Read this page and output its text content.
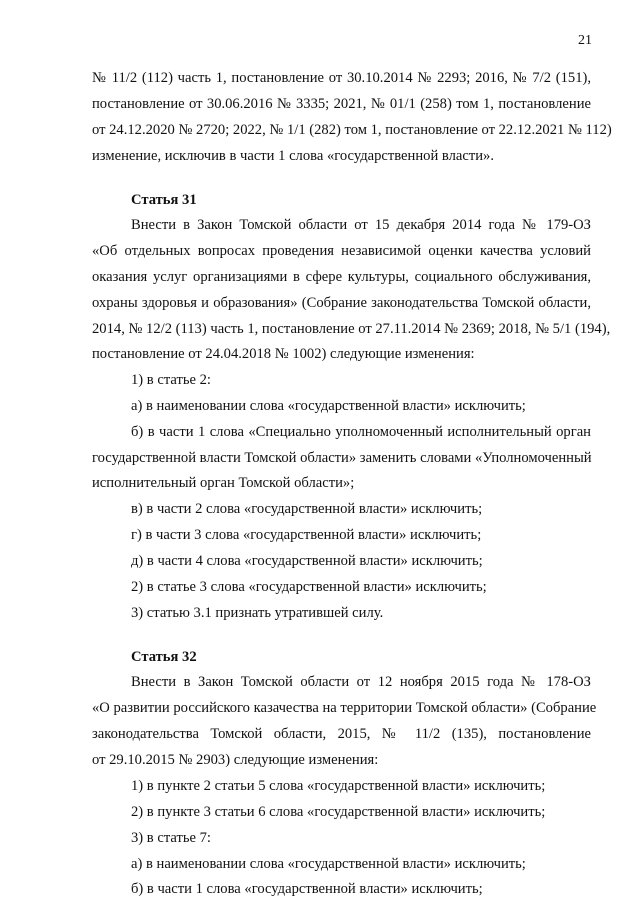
21
№ 11/2 (112) часть 1, постановление от 30.10.2014 № 2293; 2016, № 7/2 (151),
постановление от 30.06.2016 № 3335; 2021, № 01/1 (258) том 1, постановление
от 24.12.2020 № 2720; 2022, № 1/1 (282) том 1, постановление от 22.12.2021 № 112)
изменение, исключив в части 1 слова «государственной власти».
Статья 31
Внести в Закон Томской области от 15 декабря 2014 года № 179-ОЗ
«Об отдельных вопросах проведения независимой оценки качества условий
оказания услуг организациями в сфере культуры, социального обслуживания,
охраны здоровья и образования» (Собрание законодательства Томской области,
2014, № 12/2 (113) часть 1, постановление от 27.11.2014 № 2369; 2018, № 5/1 (194),
постановление от 24.04.2018 № 1002) следующие изменения:
1) в статье 2:
а) в наименовании слова «государственной власти» исключить;
б) в части 1 слова «Специально уполномоченный исполнительный орган
государственной власти Томской области» заменить словами «Уполномоченный
исполнительный орган Томской области»;
в) в части 2 слова «государственной власти» исключить;
г) в части 3 слова «государственной власти» исключить;
д) в части 4 слова «государственной власти» исключить;
2) в статье 3 слова «государственной власти» исключить;
3) статью 3.1 признать утратившей силу.
Статья 32
Внести в Закон Томской области от 12 ноября 2015 года № 178-ОЗ
«О развитии российского казачества на территории Томской области» (Собрание
законодательства Томской области, 2015, № 11/2 (135), постановление
от 29.10.2015 № 2903) следующие изменения:
1) в пункте 2 статьи 5 слова «государственной власти» исключить;
2) в пункте 3 статьи 6 слова «государственной власти» исключить;
3) в статье 7:
а) в наименовании слова «государственной власти» исключить;
б) в части 1 слова «государственной власти» исключить;
